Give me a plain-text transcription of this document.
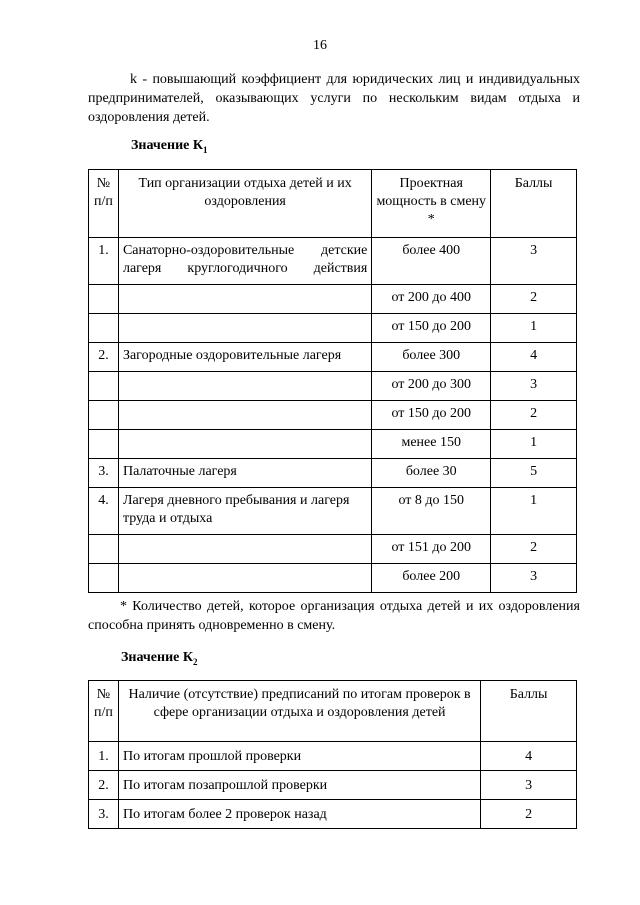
16

k - повышающий коэффициент для юридических лиц и индивидуальных предпринимателей, оказывающих услуги по нескольким видам отдыха и оздоровления детей.

Значение $К_1$
№ п/п	Тип организации отдыха детей и их оздоровления	Проектная мощность в смену *	Баллы
1.	Санаторно-оздоровительные детские лагеря круглогодичного действия	более 400	3
		от 200 до 400	2
		от 150 до 200	1
2.	Загородные оздоровительные лагеря	более 300	4
		от 200 до 300	3
		от 150 до 200	2
		менее 150	1
3.	Палаточные лагеря	более 30	5
4.	Лагеря дневного пребывания и лагеря труда и отдыха	от 8 до 150	1
		от 151 до 200	2
		более 200	3

* Количество детей, которое организация отдыха детей и их оздоровления способна принять одновременно в смену.

Значение $К_2$
№ п/п	Наличие (отсутствие) предписаний по итогам проверок в сфере организации отдыха и оздоровления детей	Баллы
1.	По итогам прошлой проверки	4
2.	По итогам позапрошлой проверки	3
3.	По итогам более 2 проверок назад	2
